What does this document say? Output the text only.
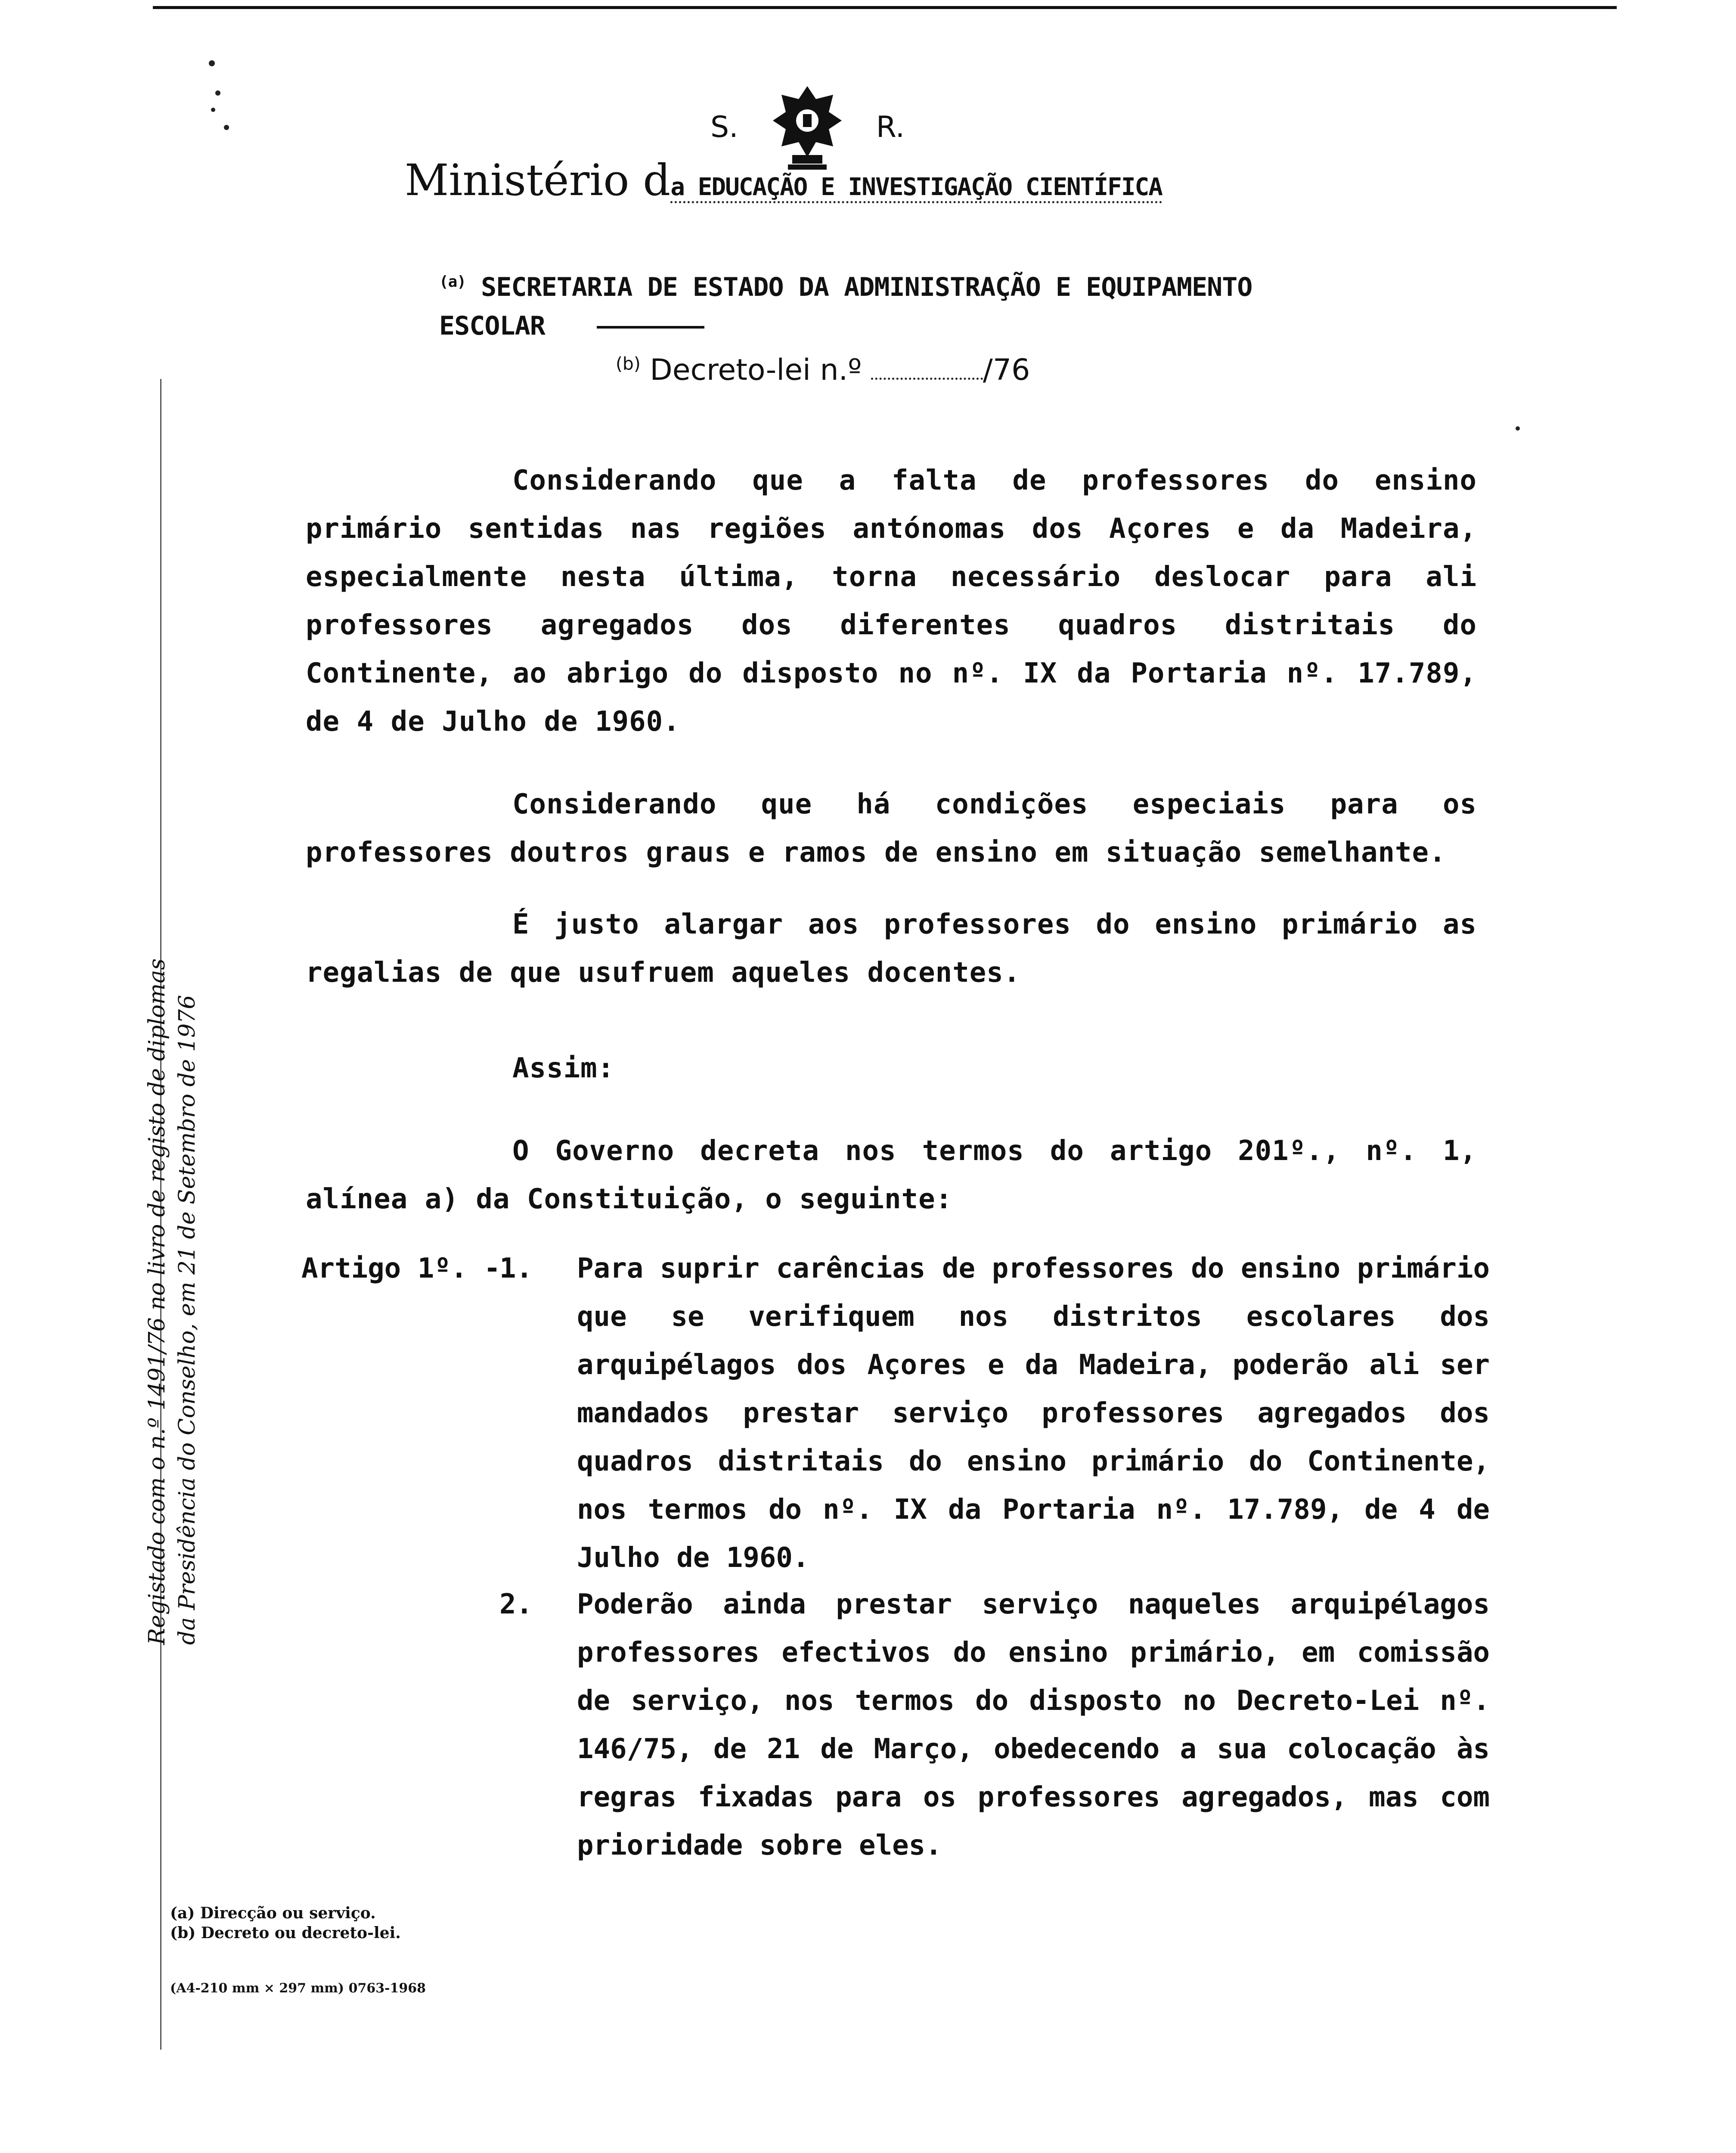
S.	R.
Ministério da EDUCAÇÃO E INVESTIGAÇÃO CIENTÍFICA
$^{(a)}$ SECRETARIA DE ESTADO DA ADMINISTRAÇÃO E EQUIPAMENTO
ESCOLAR
$^{(b)}$ Decreto-lei n.º	/76

Considerando que a falta de professores do ensino primário sentidas nas regiões antónomas dos Açores e da Madeira, especialmente nesta última, torna necessário deslocar para ali professores agregados dos diferentes quadros distritais do Continente, ao abrigo do disposto no nº. IX da Portaria nº. 17.789, de 4 de Julho de 1960.

Considerando que há condições especiais para os professores doutros graus e ramos de ensino em situação semelhante.

É justo alargar aos professores do ensino primário as regalias de que usufruem aqueles docentes.

Assim:

O Governo decreta nos termos do artigo 201º., nº. 1, alínea a) da Constituição, o seguinte:

Artigo 1º. -
1. Para suprir carências de professores do ensino primário que se verifiquem nos distritos escolares dos arquipélagos dos Açores e da Madeira, poderão ali ser mandados prestar serviço professores agregados dos quadros distritais do ensino primário do Continente, nos termos do nº. IX da Portaria nº. 17.789, de 4 de Julho de 1960.

2. Poderão ainda prestar serviço naqueles arquipélagos professores efectivos do ensino primário, em comissão de serviço, nos termos do disposto no Decreto-Lei nº. 146/75, de 21 de Março, obedecendo a sua colocação às regras fixadas para os professores agregados, mas com prioridade sobre eles.

Registado com o n.º 1491/76 no livro de registo de diplomas da Presidência do Conselho, em 21 de Setembro de 1976
(a) Direcção ou serviço.
(b) Decreto ou decreto-lei.
(A4-210 mm × 297 mm) 0763-1968
